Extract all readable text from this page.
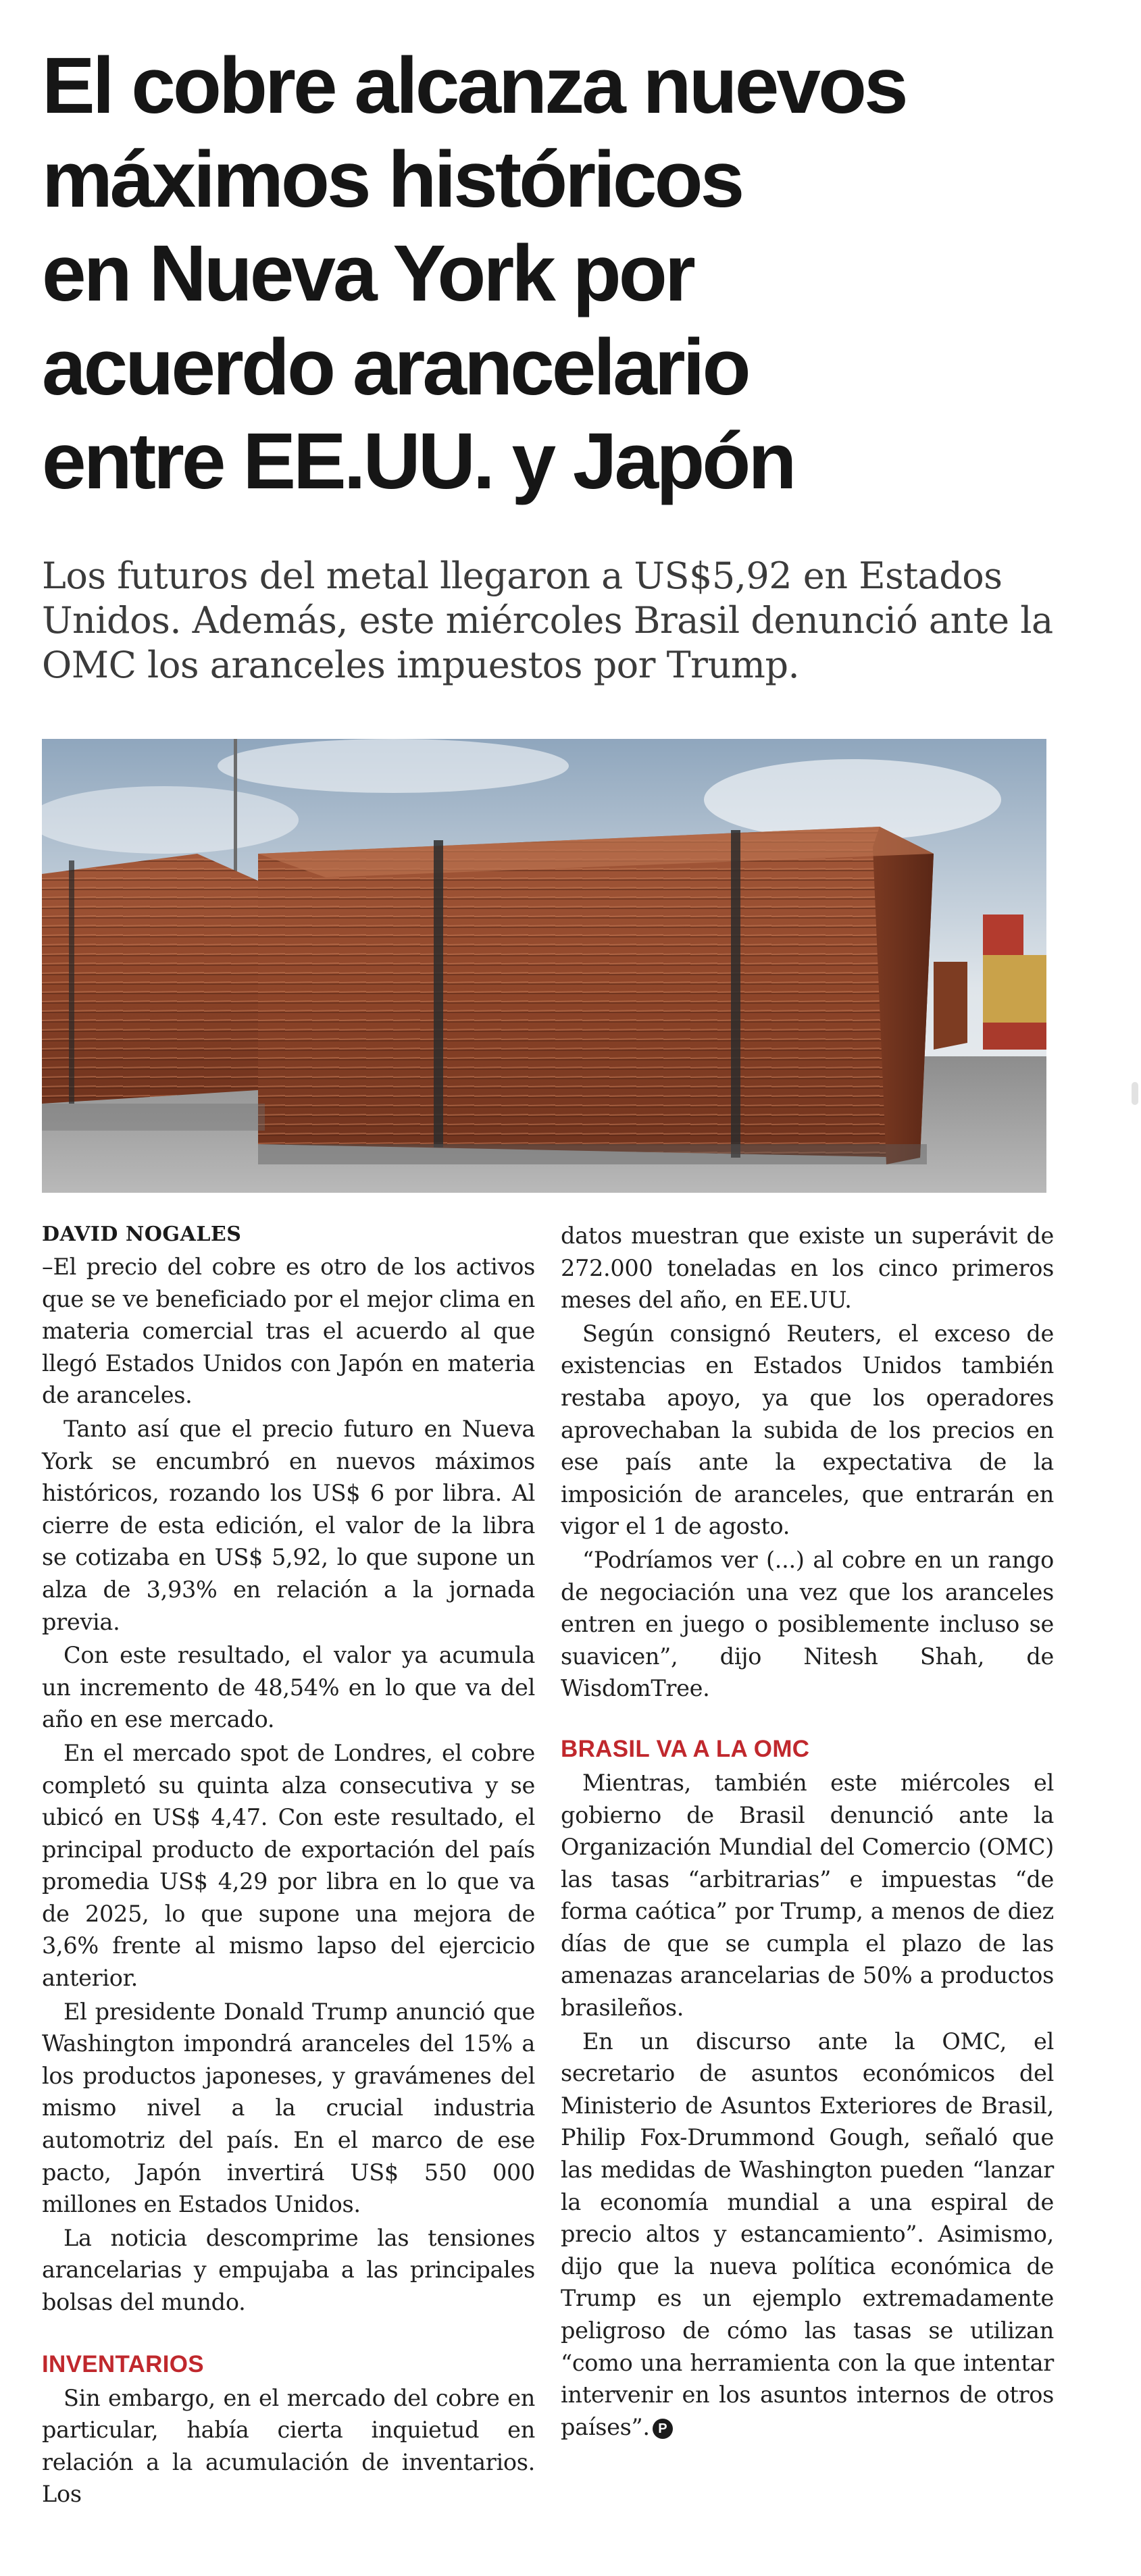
El cobre alcanza nuevos
máximos históricos
en Nueva York por
acuerdo arancelario
entre EE.UU. y Japón

Los futuros del metal llegaron a US$5,92 en Estados Unidos. Además, este miércoles Brasil denunció ante la OMC los aranceles impuestos por Trump.

DAVID NOGALES

–El precio del cobre es otro de los activos que se ve beneficiado por el mejor clima en materia comercial tras el acuerdo al que llegó Estados Unidos con Japón en materia de aranceles.

Tanto así que el precio futuro en Nueva York se encumbró en nuevos máximos históricos, rozando los US$ 6 por libra. Al cierre de esta edición, el valor de la libra se cotizaba en US$ 5,92, lo que supone un alza de 3,93% en relación a la jornada previa.

Con este resultado, el valor ya acumula un incremento de 48,54% en lo que va del año en ese mercado.

En el mercado spot de Londres, el cobre completó su quinta alza consecutiva y se ubicó en US$ 4,47. Con este resultado, el principal producto de exportación del país promedia US$ 4,29 por libra en lo que va de 2025, lo que supone una mejora de 3,6% frente al mismo lapso del ejercicio anterior.

El presidente Donald Trump anunció que Washington impondrá aranceles del 15% a los productos japoneses, y gravámenes del mismo nivel a la crucial industria automotriz del país. En el marco de ese pacto, Japón invertirá US$ 550 000 millones en Estados Unidos.

La noticia descomprime las tensiones arancelarias y empujaba a las principales bolsas del mundo.

INVENTARIOS

Sin embargo, en el mercado del cobre en particular, había cierta inquietud en relación a la acumulación de inventarios. Los

datos muestran que existe un superávit de 272.000 toneladas en los cinco primeros meses del año, en EE.UU.

Según consignó Reuters, el exceso de existencias en Estados Unidos también restaba apoyo, ya que los operadores aprovechaban la subida de los precios en ese país ante la expectativa de la imposición de aranceles, que entrarán en vigor el 1 de agosto.

“Podríamos ver (...) al cobre en un rango de negociación una vez que los aranceles entren en juego o posiblemente incluso se suavicen”, dijo Nitesh Shah, de WisdomTree.

BRASIL VA A LA OMC

Mientras, también este miércoles el gobierno de Brasil denunció ante la Organización Mundial del Comercio (OMC) las tasas “arbitrarias” e impuestas “de forma caótica” por Trump, a menos de diez días de que se cumpla el plazo de las amenazas arancelarias de 50% a productos brasileños.

En un discurso ante la OMC, el secretario de asuntos económicos del Ministerio de Asuntos Exteriores de Brasil, Philip Fox-Drummond Gough, señaló que las medidas de Washington pueden “lanzar la economía mundial a una espiral de precio altos y estancamiento”. Asimismo, dijo que la nueva política económica de Trump es un ejemplo extremadamente peligroso de cómo las tasas se utilizan “como una herramienta con la que intentar intervenir en los asuntos internos de otros países”. P
